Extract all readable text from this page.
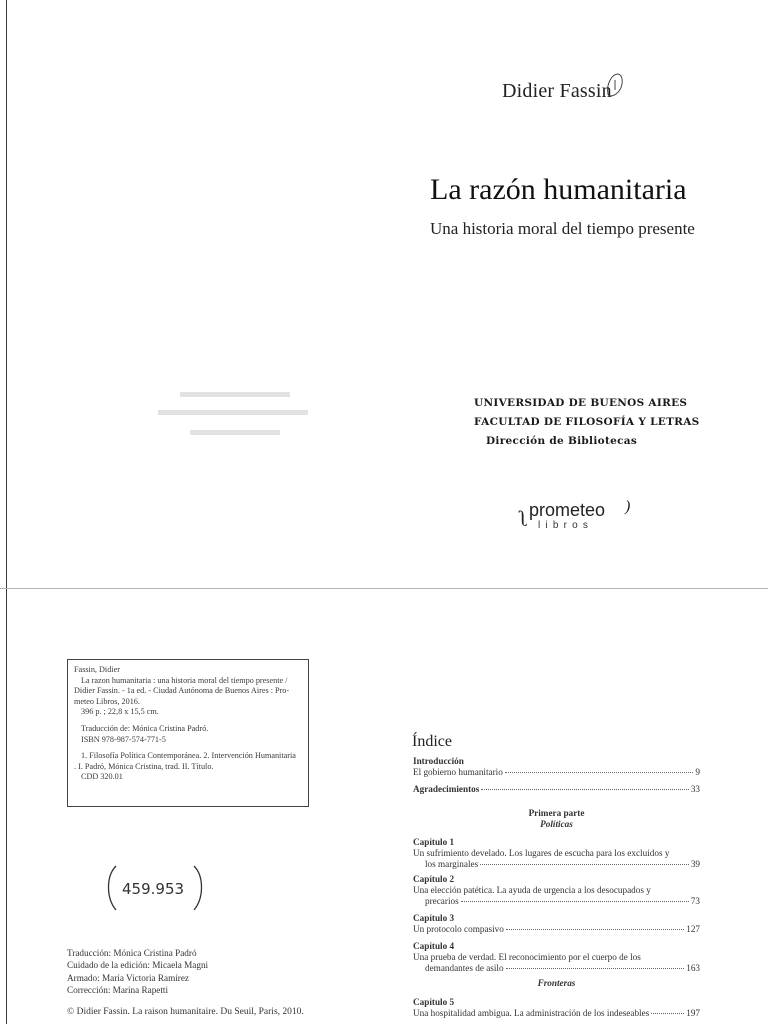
Didier Fassin
La razón humanitaria
Una historia moral del tiempo presente
UNIVERSIDAD DE BUENOS AIRES
FACULTAD DE FILOSOFÍA Y LETRAS
Dirección de Bibliotecas
ʅ prometeo )
libros
Fassin, Didier
La razon humanitaria : una historia moral del tiempo presente /
Didier Fassin. - 1a ed. - Ciudad Autónoma de Buenos Aires : Pro-
meteo Libros, 2016.
396 p. ; 22,8 x 15,5 cm.
Traducción de: Mónica Cristina Padró.
ISBN 978-987-574-771-5
1. Filosofía Política Contemporánea. 2. Intervención Humanitaria
. I. Padró, Mónica Cristina, trad. II. Título.
CDD 320.01
459.953
Traducción: Mónica Cristina Padró
Cuidado de la edición: Micaela Magni
Armado: María Victoria Ramírez
Corrección: Marina Rapetti
© Didier Fassin. La raison humanitaire. Du Seuil, Paris, 2010.
Índice
Introducción
El gobierno humanitario	9
Agradecimientos	33
Primera parte
Políticas
Capítulo 1
Un sufrimiento develado. Los lugares de escucha para los excluidos y
los marginales	39
Capítulo 2
Una elección patética. La ayuda de urgencia a los desocupados y
precarios	73
Capítulo 3
Un protocolo compasivo	127
Capítulo 4
Una prueba de verdad. El reconocimiento por el cuerpo de los
demandantes de asilo	163
Fronteras
Capítulo 5
Una hospitalidad ambigua. La administración de los indeseables	197
